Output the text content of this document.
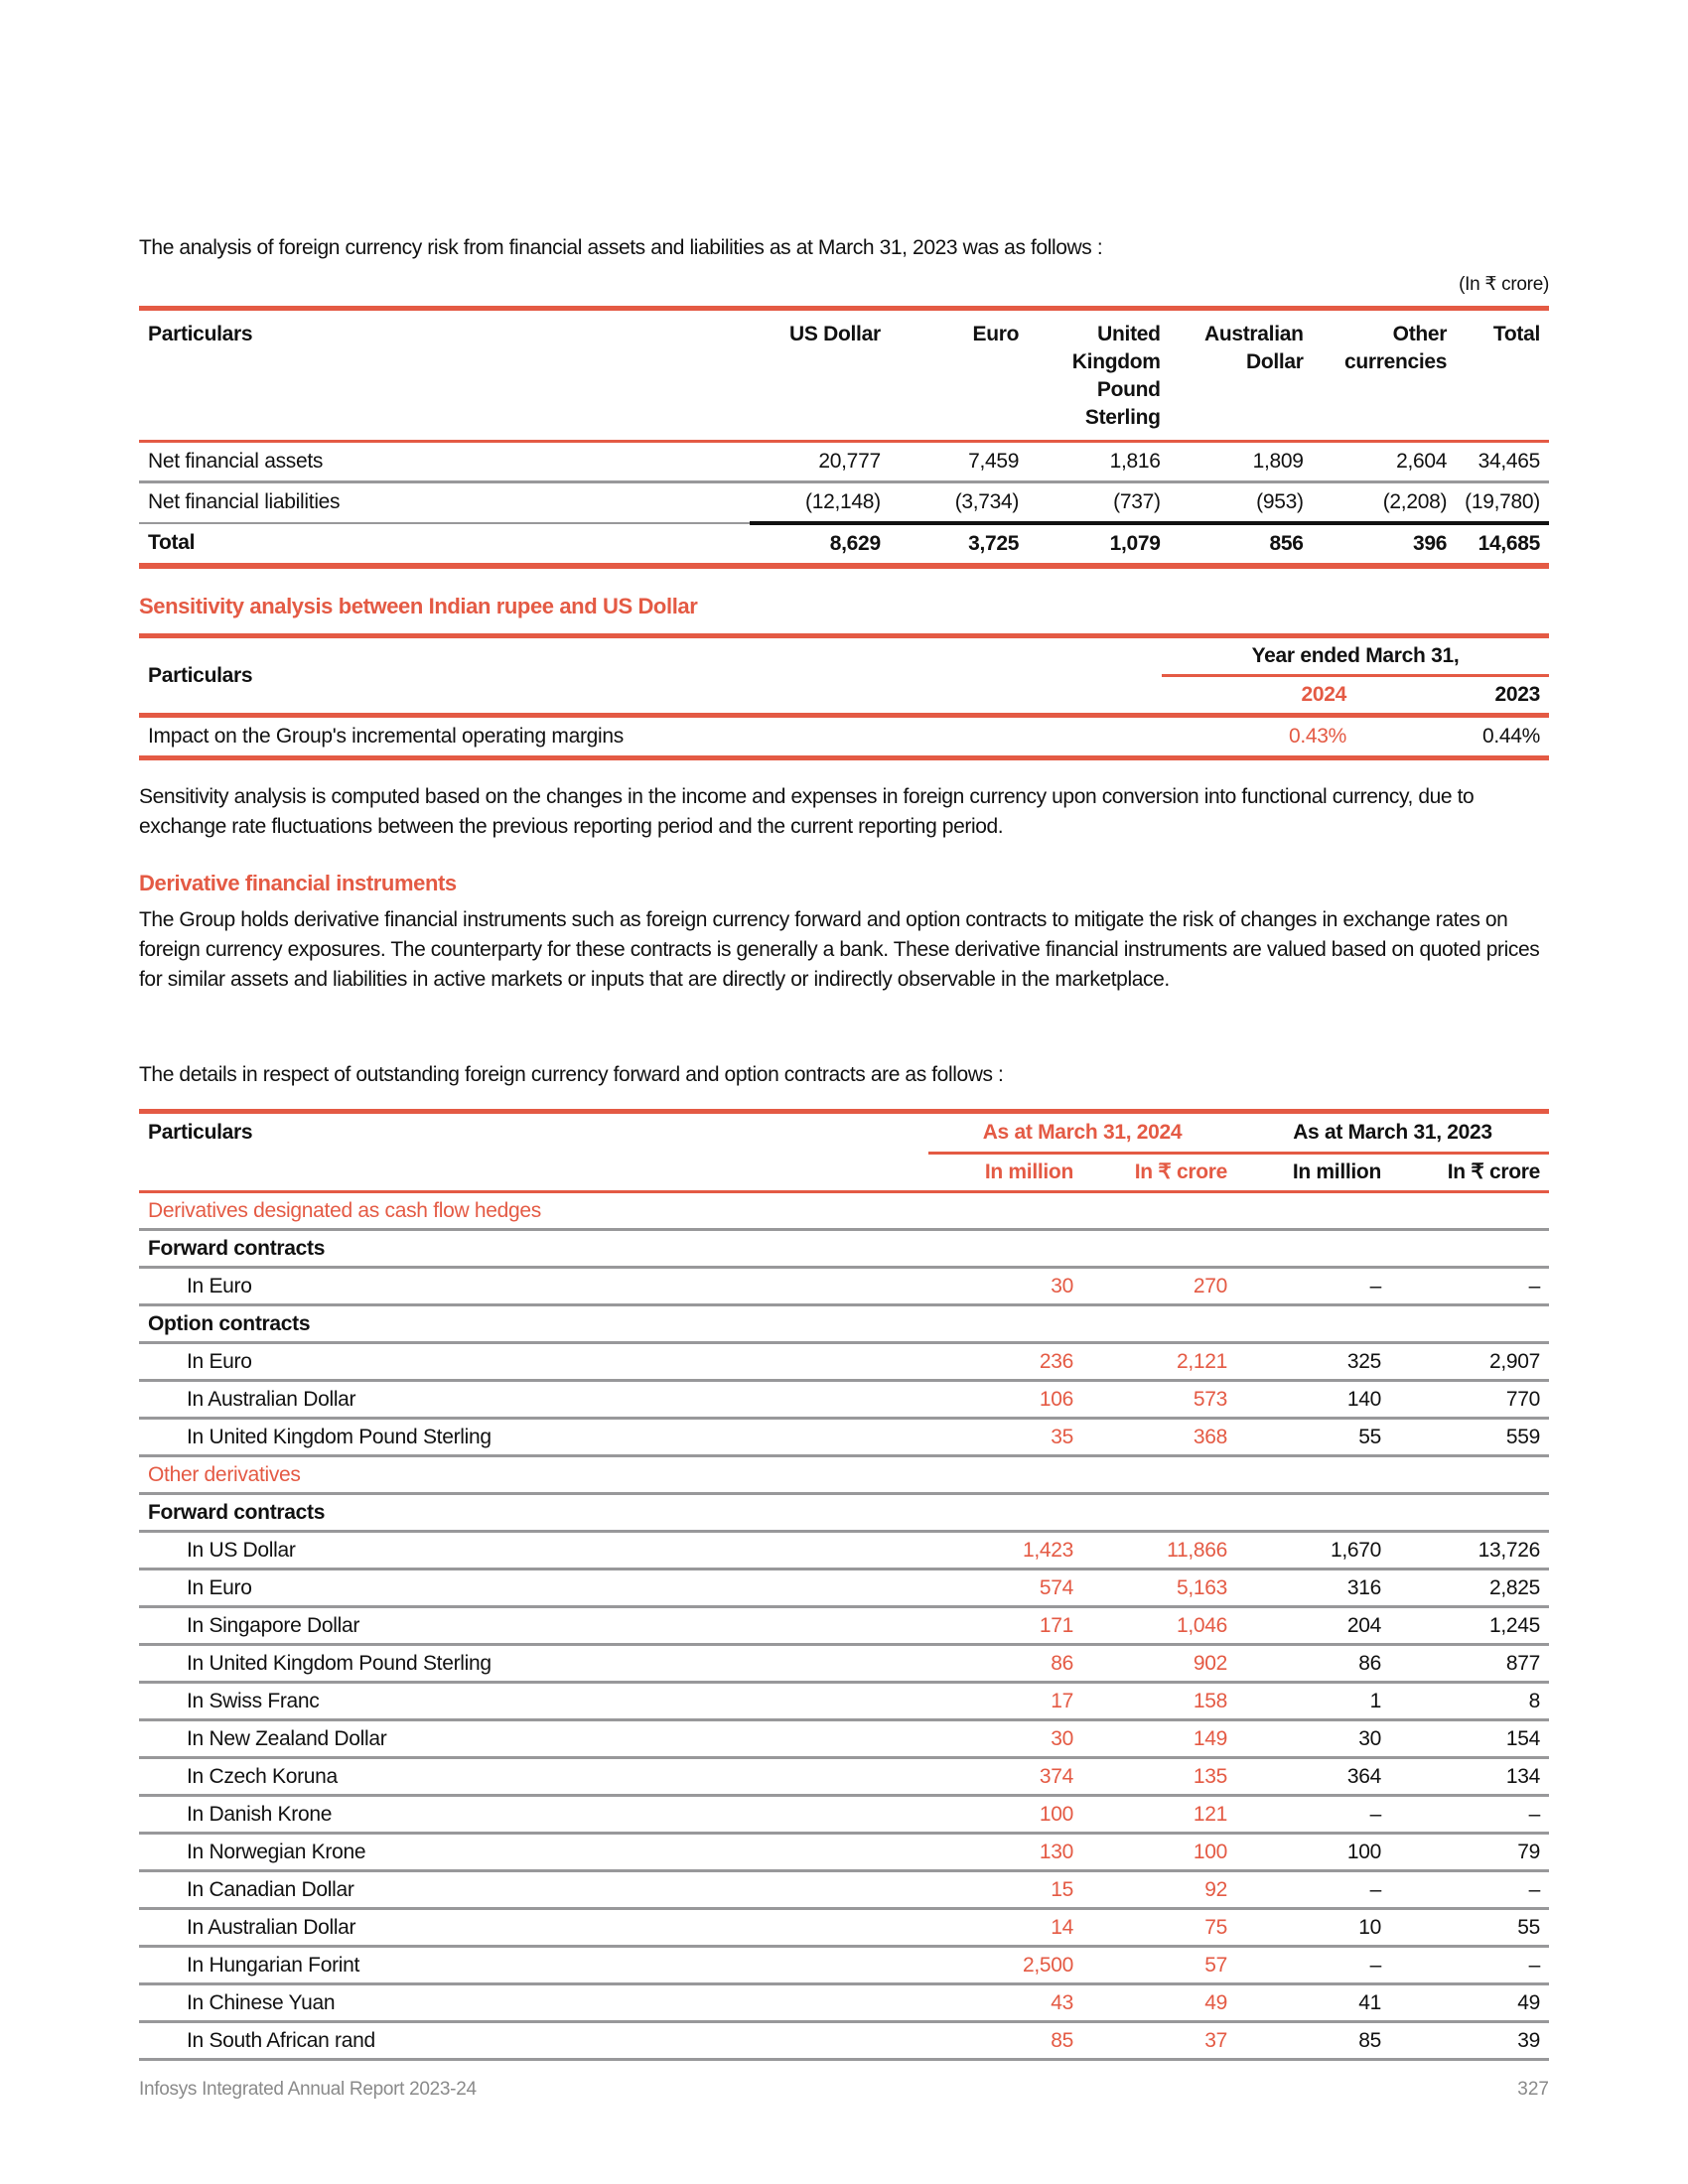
The analysis of foreign currency risk from financial assets and liabilities as at March 31, 2023 was as follows :
(In ₹ crore)
Particulars	US Dollar	Euro	United Kingdom Pound Sterling	Australian Dollar	Other currencies	Total
Net financial assets	20,777	7,459	1,816	1,809	2,604	34,465
Net financial liabilities	(12,148)	(3,734)	(737)	(953)	(2,208)	(19,780)
Total	8,629	3,725	1,079	856	396	14,685
Sensitivity analysis between Indian rupee and US Dollar
Particulars	Year ended March 31,	
	2024	2023
Impact on the Group's incremental operating margins	0.43%	0.44%
Sensitivity analysis is computed based on the changes in the income and expenses in foreign currency upon conversion into functional currency, due to exchange rate fluctuations between the previous reporting period and the current reporting period.
Derivative financial instruments
The Group holds derivative financial instruments such as foreign currency forward and option contracts to mitigate the risk of changes in exchange rates on foreign currency exposures. The counterparty for these contracts is generally a bank. These derivative financial instruments are valued based on quoted prices for similar assets and liabilities in active markets or inputs that are directly or indirectly observable in the marketplace.
The details in respect of outstanding foreign currency forward and option contracts are as follows :
Particulars	As at March 31, 2024		As at March 31, 2023	
	In million	In ₹ crore	In million	In ₹ crore
Derivatives designated as cash flow hedges				
Forward contracts				
In Euro	30	270	–	–
Option contracts				
In Euro	236	2,121	325	2,907
In Australian Dollar	106	573	140	770
In United Kingdom Pound Sterling	35	368	55	559
Other derivatives				
Forward contracts				
In US Dollar	1,423	11,866	1,670	13,726
In Euro	574	5,163	316	2,825
In Singapore Dollar	171	1,046	204	1,245
In United Kingdom Pound Sterling	86	902	86	877
In Swiss Franc	17	158	1	8
In New Zealand Dollar	30	149	30	154
In Czech Koruna	374	135	364	134
In Danish Krone	100	121	–	–
In Norwegian Krone	130	100	100	79
In Canadian Dollar	15	92	–	–
In Australian Dollar	14	75	10	55
In Hungarian Forint	2,500	57	–	–
In Chinese Yuan	43	49	41	49
In South African rand	85	37	85	39
Infosys Integrated Annual Report 2023-24	327
